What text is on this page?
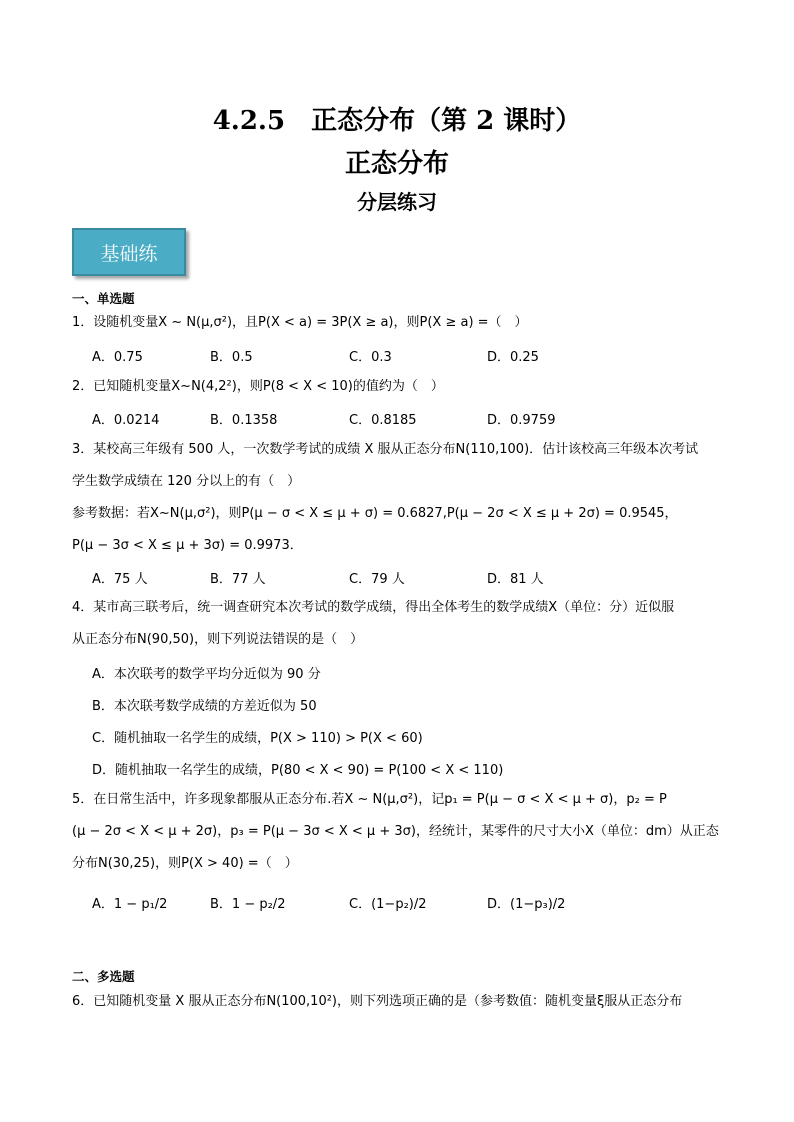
4.2.5　正态分布（第 2 课时）
正态分布
分层练习
基础练
一、单选题
1．设随机变量X ~ N(μ,σ²)，且P(X < a) = 3P(X ≥ a)，则P(X ≥ a) =（　）
A．0.75	B．0.5	C．0.3	D．0.25
2．已知随机变量X~N(4,2²)，则P(8 < X < 10)的值约为（　）
A．0.0214	B．0.1358	C．0.8185	D．0.9759
3．某校高三年级有 500 人，一次数学考试的成绩 X 服从正态分布N(110,100)．估计该校高三年级本次考试
学生数学成绩在 120 分以上的有（　）
参考数据：若X~N(μ,σ²)，则P(μ − σ < X ≤ μ + σ) = 0.6827,P(μ − 2σ < X ≤ μ + 2σ) = 0.9545，
P(μ − 3σ < X ≤ μ + 3σ) = 0.9973．
A．75 人	B．77 人	C．79 人	D．81 人
4．某市高三联考后，统一调查研究本次考试的数学成绩，得出全体考生的数学成绩X（单位：分）近似服
从正态分布N(90,50)，则下列说法错误的是（　）
A．本次联考的数学平均分近似为 90 分
B．本次联考数学成绩的方差近似为 50
C．随机抽取一名学生的成绩，P(X > 110) > P(X < 60)
D．随机抽取一名学生的成绩，P(80 < X < 90) = P(100 < X < 110)
5．在日常生活中，许多现象都服从正态分布.若X ~ N(μ,σ²)，记p₁ = P(μ − σ < X < μ + σ)，p₂ = P
(μ − 2σ < X < μ + 2σ)，p₃ = P(μ − 3σ < X < μ + 3σ)，经统计，某零件的尺寸大小X（单位：dm）从正态
分布N(30,25)，则P(X > 40) =（　）
A．1 − p₁/2	B．1 − p₂/2	C．(1−p₂)/2	D．(1−p₃)/2
二、多选题
6．已知随机变量 X 服从正态分布N(100,10²)，则下列选项正确的是（参考数值：随机变量ξ服从正态分布
